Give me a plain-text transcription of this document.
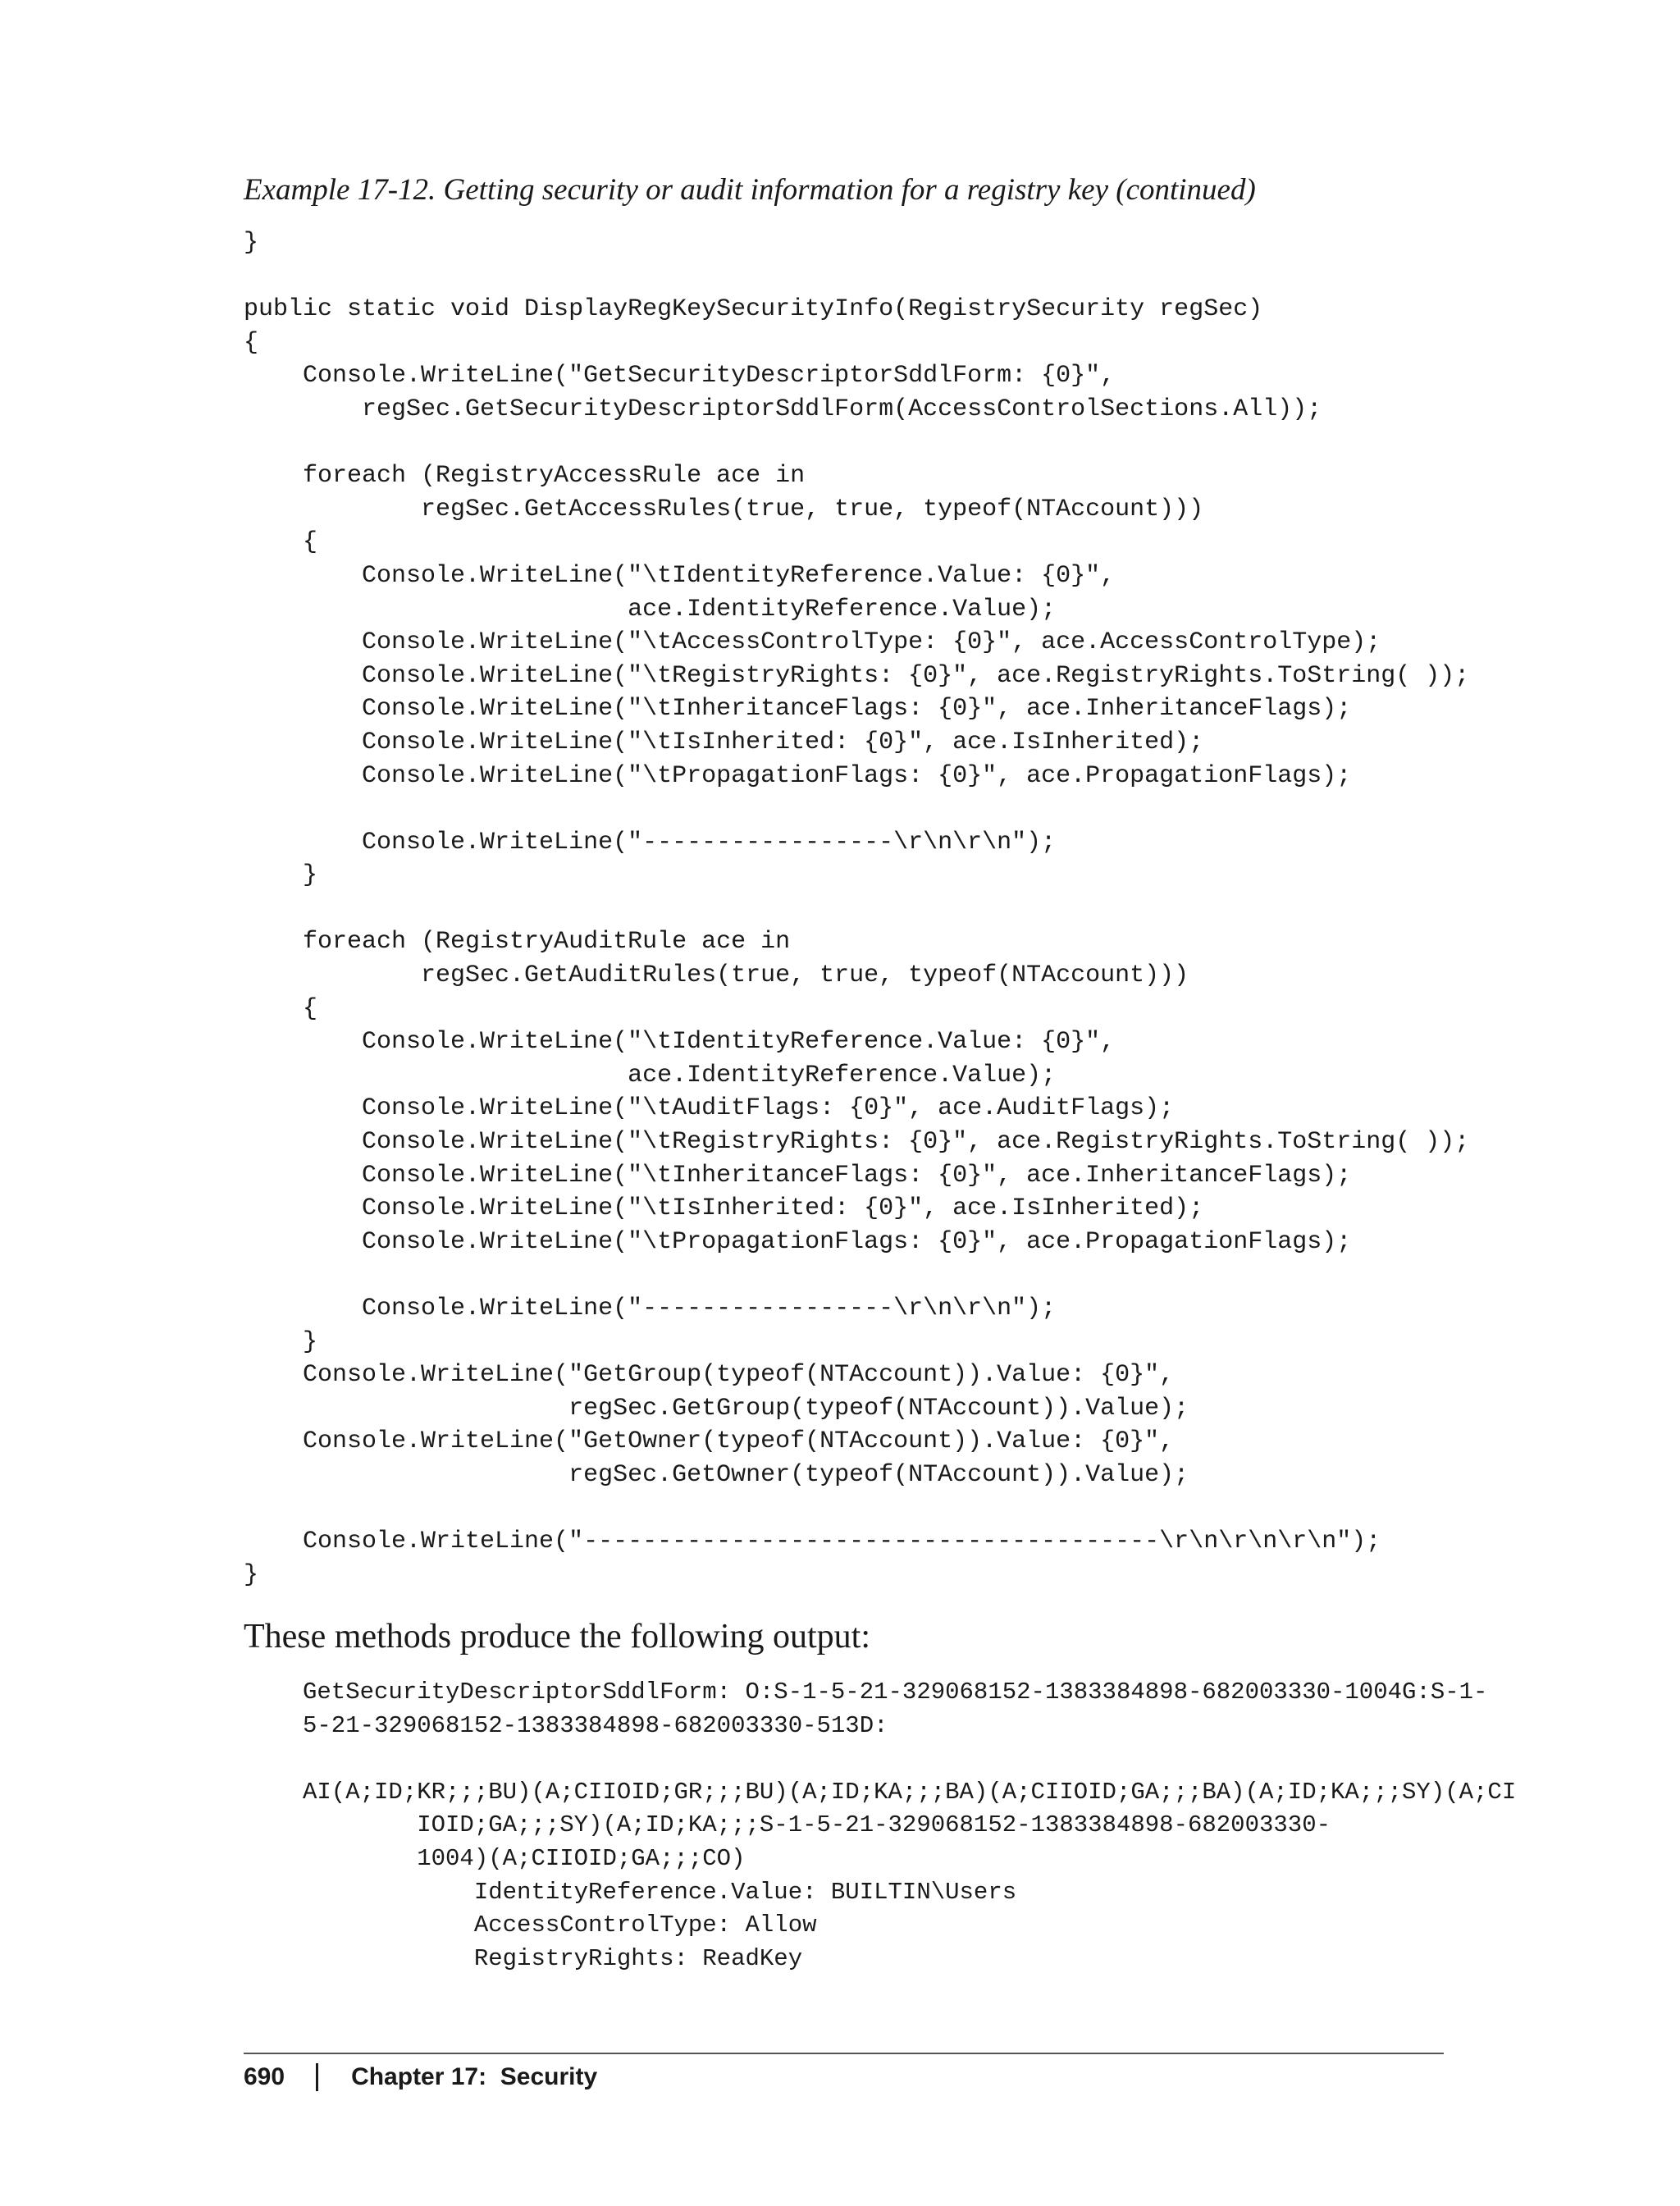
Example 17-12. Getting security or audit information for a registry key (continued)
}
public static void DisplayRegKeySecurityInfo(RegistrySecurity regSec)
{
Console.WriteLine("GetSecurityDescriptorSddlForm: {0}",
regSec.GetSecurityDescriptorSddlForm(AccessControlSections.All));
foreach (RegistryAccessRule ace in
regSec.GetAccessRules(true, true, typeof(NTAccount)))
{
Console.WriteLine("\tIdentityReference.Value: {0}",
ace.IdentityReference.Value);
Console.WriteLine("\tAccessControlType: {0}", ace.AccessControlType);
Console.WriteLine("\tRegistryRights: {0}", ace.RegistryRights.ToString( ));
Console.WriteLine("\tInheritanceFlags: {0}", ace.InheritanceFlags);
Console.WriteLine("\tIsInherited: {0}", ace.IsInherited);
Console.WriteLine("\tPropagationFlags: {0}", ace.PropagationFlags);
Console.WriteLine("-----------------\r\n\r\n");
}
foreach (RegistryAuditRule ace in
regSec.GetAuditRules(true, true, typeof(NTAccount)))
{
Console.WriteLine("\tIdentityReference.Value: {0}",
ace.IdentityReference.Value);
Console.WriteLine("\tAuditFlags: {0}", ace.AuditFlags);
Console.WriteLine("\tRegistryRights: {0}", ace.RegistryRights.ToString( ));
Console.WriteLine("\tInheritanceFlags: {0}", ace.InheritanceFlags);
Console.WriteLine("\tIsInherited: {0}", ace.IsInherited);
Console.WriteLine("\tPropagationFlags: {0}", ace.PropagationFlags);
Console.WriteLine("-----------------\r\n\r\n");
}
Console.WriteLine("GetGroup(typeof(NTAccount)).Value: {0}",
regSec.GetGroup(typeof(NTAccount)).Value);
Console.WriteLine("GetOwner(typeof(NTAccount)).Value: {0}",
regSec.GetOwner(typeof(NTAccount)).Value);
Console.WriteLine("---------------------------------------\r\n\r\n\r\n");
}
These methods produce the following output:
GetSecurityDescriptorSddlForm: O:S-1-5-21-329068152-1383384898-682003330-1004G:S-1-
5-21-329068152-1383384898-682003330-513D:
AI(A;ID;KR;;;BU)(A;CIIOID;GR;;;BU)(A;ID;KA;;;BA)(A;CIIOID;GA;;;BA)(A;ID;KA;;;SY)(A;CI
IOID;GA;;;SY)(A;ID;KA;;;S-1-5-21-329068152-1383384898-682003330-
1004)(A;CIIOID;GA;;;CO)
IdentityReference.Value: BUILTIN\Users
AccessControlType: Allow
RegistryRights: ReadKey
690	Chapter 17:  Security
